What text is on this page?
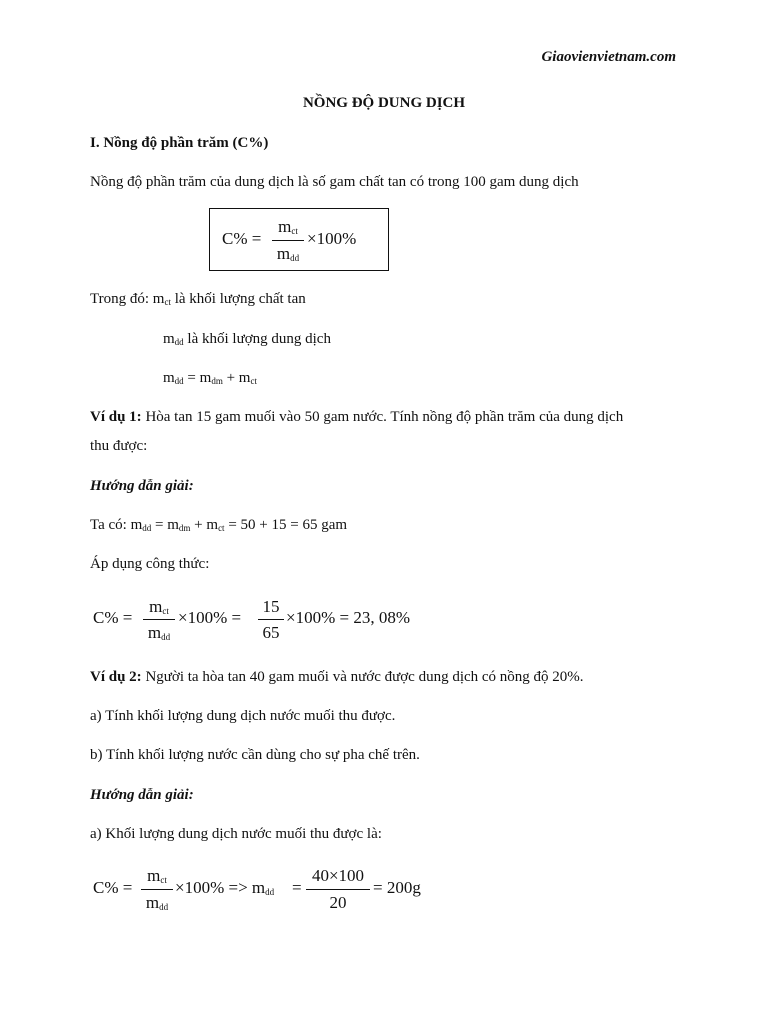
Giaovienvietnam.com
NỒNG ĐỘ DUNG DỊCH
I. Nồng độ phần trăm (C%)
Nồng độ phần trăm của dung dịch là số gam chất tan có trong 100 gam dung dịch
C% =
$m_{ct}$
$m_{dd}$
×100%
Trong đó: $m_{ct}$ là khối lượng chất tan
$m_{dd}$ là khối lượng dung dịch
$m_{dd} = m_{dm} + m_{ct}$
Ví dụ 1: Hòa tan 15 gam muối vào 50 gam nước. Tính nồng độ phần trăm của dung dịch
thu được:
Hướng dẫn giải:
Ta có: $m_{dd} = m_{dm} + m_{ct} = 50 + 15 = 65$ gam
Áp dụng công thức:
C% =
$m_{ct}$
$m_{dd}$
×100% =
15
65
×100% = 23, 08%
Ví dụ 2: Người ta hòa tan 40 gam muối và nước được dung dịch có nồng độ 20%.
a) Tính khối lượng dung dịch nước muối thu được.
b) Tính khối lượng nước cần dùng cho sự pha chế trên.
Hướng dẫn giải:
a) Khối lượng dung dịch nước muối thu được là:
C% =
$m_{ct}$
$m_{dd}$
$\times 100\% => m_{dd}$ =
40×100
20
= 200g
